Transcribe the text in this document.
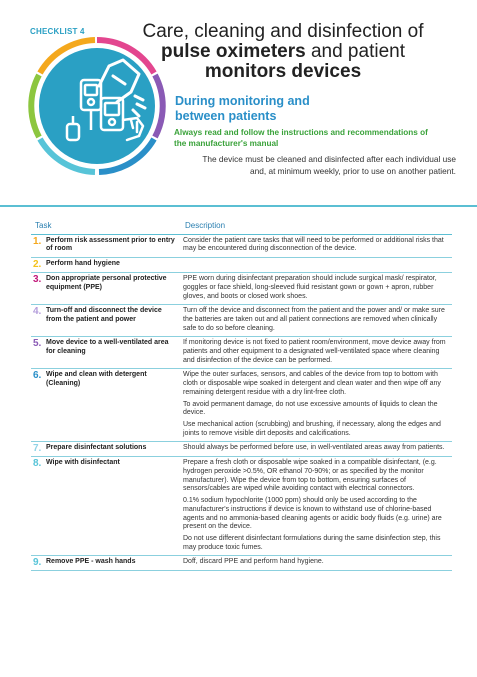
CHECKLIST 4	Care, cleaning and disinfection of
pulse oximeters and patient
monitors devices
During monitoring and
between patients
Always read and follow the instructions and recommendations of
the manufacturer's manual
The device must be cleaned and disinfected after each individual use
and, at minimum weekly, prior to use on another patient.
Task	Description
1. Perform risk assessment prior to entry of room	Consider the patient care tasks that will need to be performed or additional risks that may be encountered during disconnection of the device.

2. Perform hand hygiene	

3. Don appropriate personal protective equipment (PPE)	PPE worn during disinfectant preparation should include surgical mask/ respirator, goggles or face shield, long-sleeved fluid resistant gown or gown + apron, rubber gloves, and boots or closed work shoes.

4. Turn-off and disconnect the device from the patient and power	Turn off the device and disconnect from the patient and the power and/ or make sure the batteries are taken out and all patient connections are removed when clinically safe to do so before cleaning.

5. Move device to a well-ventilated area for cleaning	If monitoring device is not fixed to patient room/environment, move device away from patients and other equipment to a designated well-ventilated space where cleaning and disinfection of the device can be performed.

6. Wipe and clean with detergent (Cleaning)	Wipe the outer surfaces, sensors, and cables of the device from top to bottom with cloth or disposable wipe soaked in detergent and clean water and then wipe off any remaining detergent residue with a dry lint-free cloth.

To avoid permanent damage, do not use excessive amounts of liquids to clean the device.

Use mechanical action (scrubbing) and brushing, if necessary, along the edges and joints to remove visible dirt deposits and calcifications.

7. Prepare disinfectant solutions	Should always be performed before use, in well-ventilated areas away from patients.

8. Wipe with disinfectant	Prepare a fresh cloth or disposable wipe soaked in a compatible disinfectant, (e.g. hydrogen peroxide >0.5%, OR ethanol 70-90%; or as specified by the monitor manufacturer). Wipe the device from top to bottom, ensuring surfaces of sensors/cables are wiped while avoiding contact with electrical connectors.

0.1% sodium hypochlorite (1000 ppm) should only be used according to the manufacturer's instructions if device is known to withstand use of chlorine-based agents and no ammonia-based cleaning agents or acidic body fluids (e.g. urine) are present on the device.

Do not use different disinfectant formulations during the same disinfection step, this may produce toxic fumes.

9. Remove PPE - wash hands	Doff, discard PPE and perform hand hygiene.
